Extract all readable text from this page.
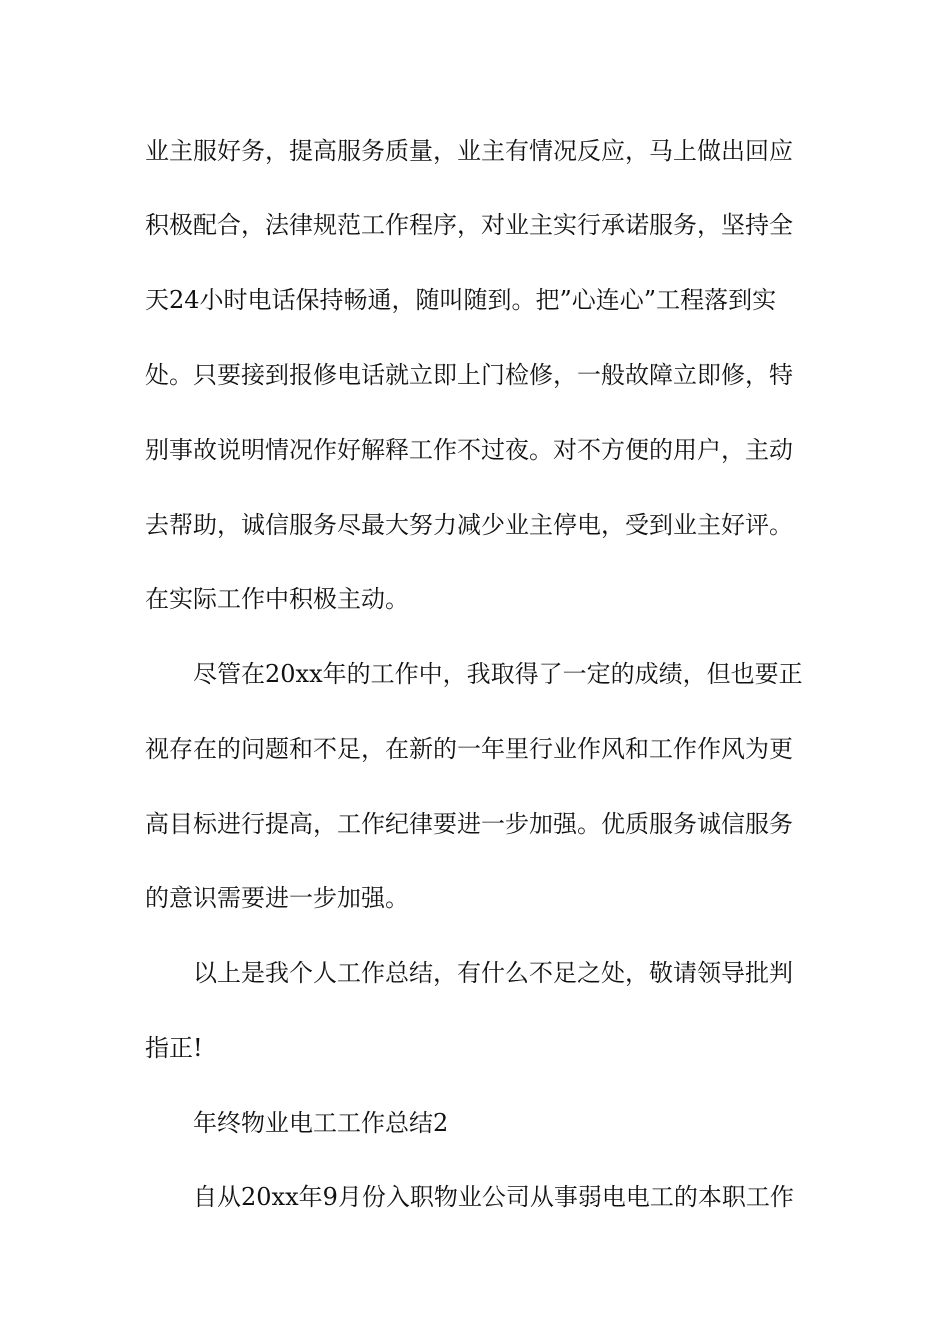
业主服好务，提高服务质量，业主有情况反应，马上做出回应
积极配合，法律规范工作程序，对业主实行承诺服务，坚持全
天24小时电话保持畅通，随叫随到。把”心连心”工程落到实
处。只要接到报修电话就立即上门检修，一般故障立即修，特
别事故说明情况作好解释工作不过夜。对不方便的用户，主动
去帮助，诚信服务尽最大努力减少业主停电，受到业主好评。
在实际工作中积极主动。
尽管在20xx年的工作中，我取得了一定的成绩，但也要正
视存在的问题和不足，在新的一年里行业作风和工作作风为更
高目标进行提高，工作纪律要进一步加强。优质服务诚信服务
的意识需要进一步加强。
以上是我个人工作总结，有什么不足之处，敬请领导批判
指正!
年终物业电工工作总结2
自从20xx年9月份入职物业公司从事弱电电工的本职工作
